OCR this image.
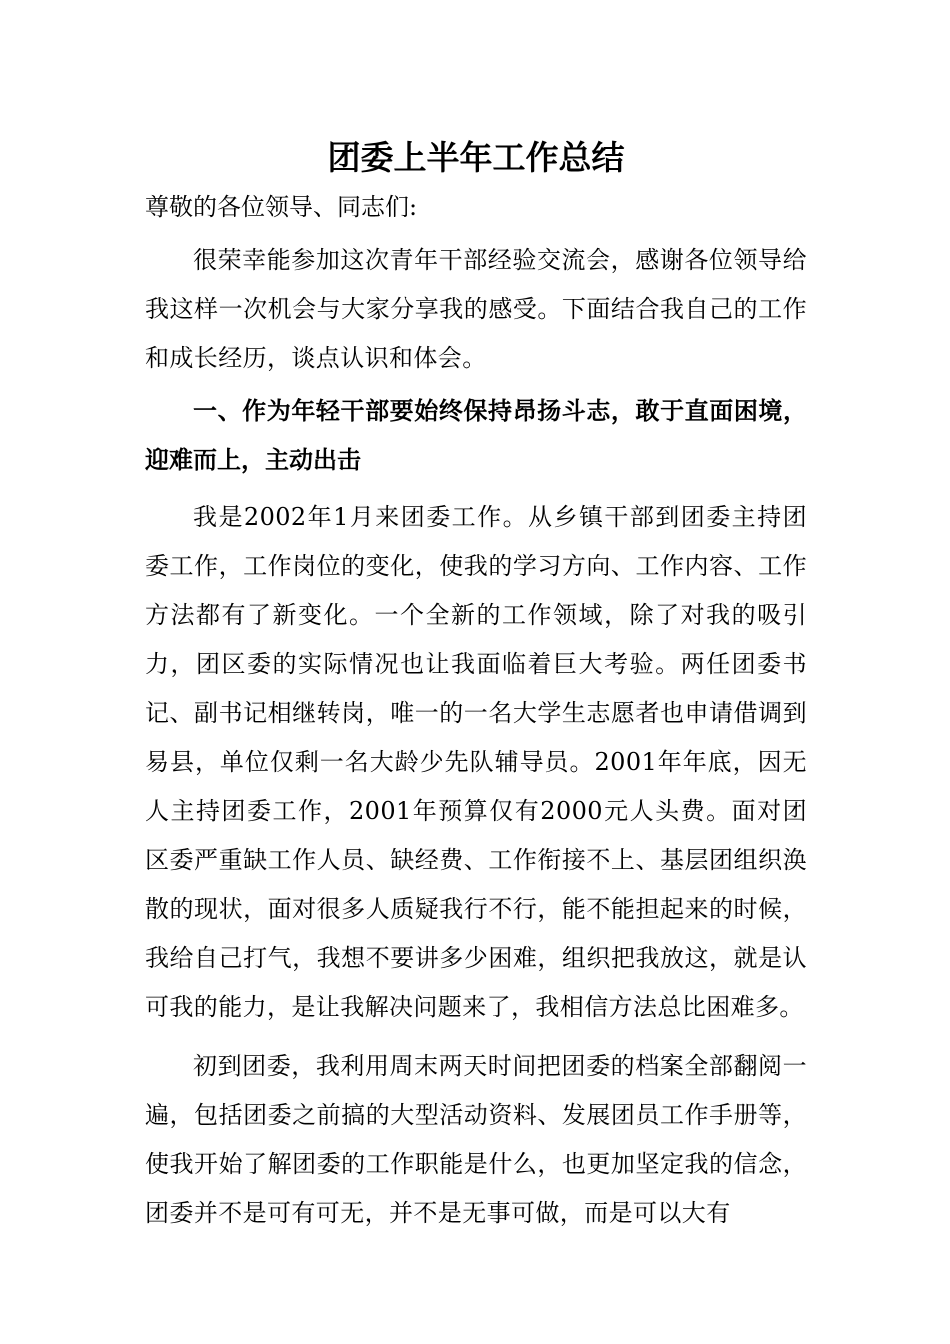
团委上半年工作总结

尊敬的各位领导、同志们:

很荣幸能参加这次青年干部经验交流会，感谢各位领导给我这样一次机会与大家分享我的感受。下面结合我自己的工作和成长经历，谈点认识和体会。

一、作为年轻干部要始终保持昂扬斗志，敢于直面困境，迎难而上，主动出击

我是2002年1月来团委工作。从乡镇干部到团委主持团委工作，工作岗位的变化，使我的学习方向、工作内容、工作方法都有了新变化。一个全新的工作领域，除了对我的吸引力，团区委的实际情况也让我面临着巨大考验。两任团委书记、副书记相继转岗，唯一的一名大学生志愿者也申请借调到易县，单位仅剩一名大龄少先队辅导员。2001年年底，因无人主持团委工作，2001年预算仅有2000元人头费。面对团区委严重缺工作人员、缺经费、工作衔接不上、基层团组织涣散的现状，面对很多人质疑我行不行，能不能担起来的时候，我给自己打气，我想不要讲多少困难，组织把我放这，就是认可我的能力，是让我解决问题来了，我相信方法总比困难多。

初到团委，我利用周末两天时间把团委的档案全部翻阅一遍，包括团委之前搞的大型活动资料、发展团员工作手册等，使我开始了解团委的工作职能是什么，也更加坚定我的信念，团委并不是可有可无，并不是无事可做，而是可以大有
